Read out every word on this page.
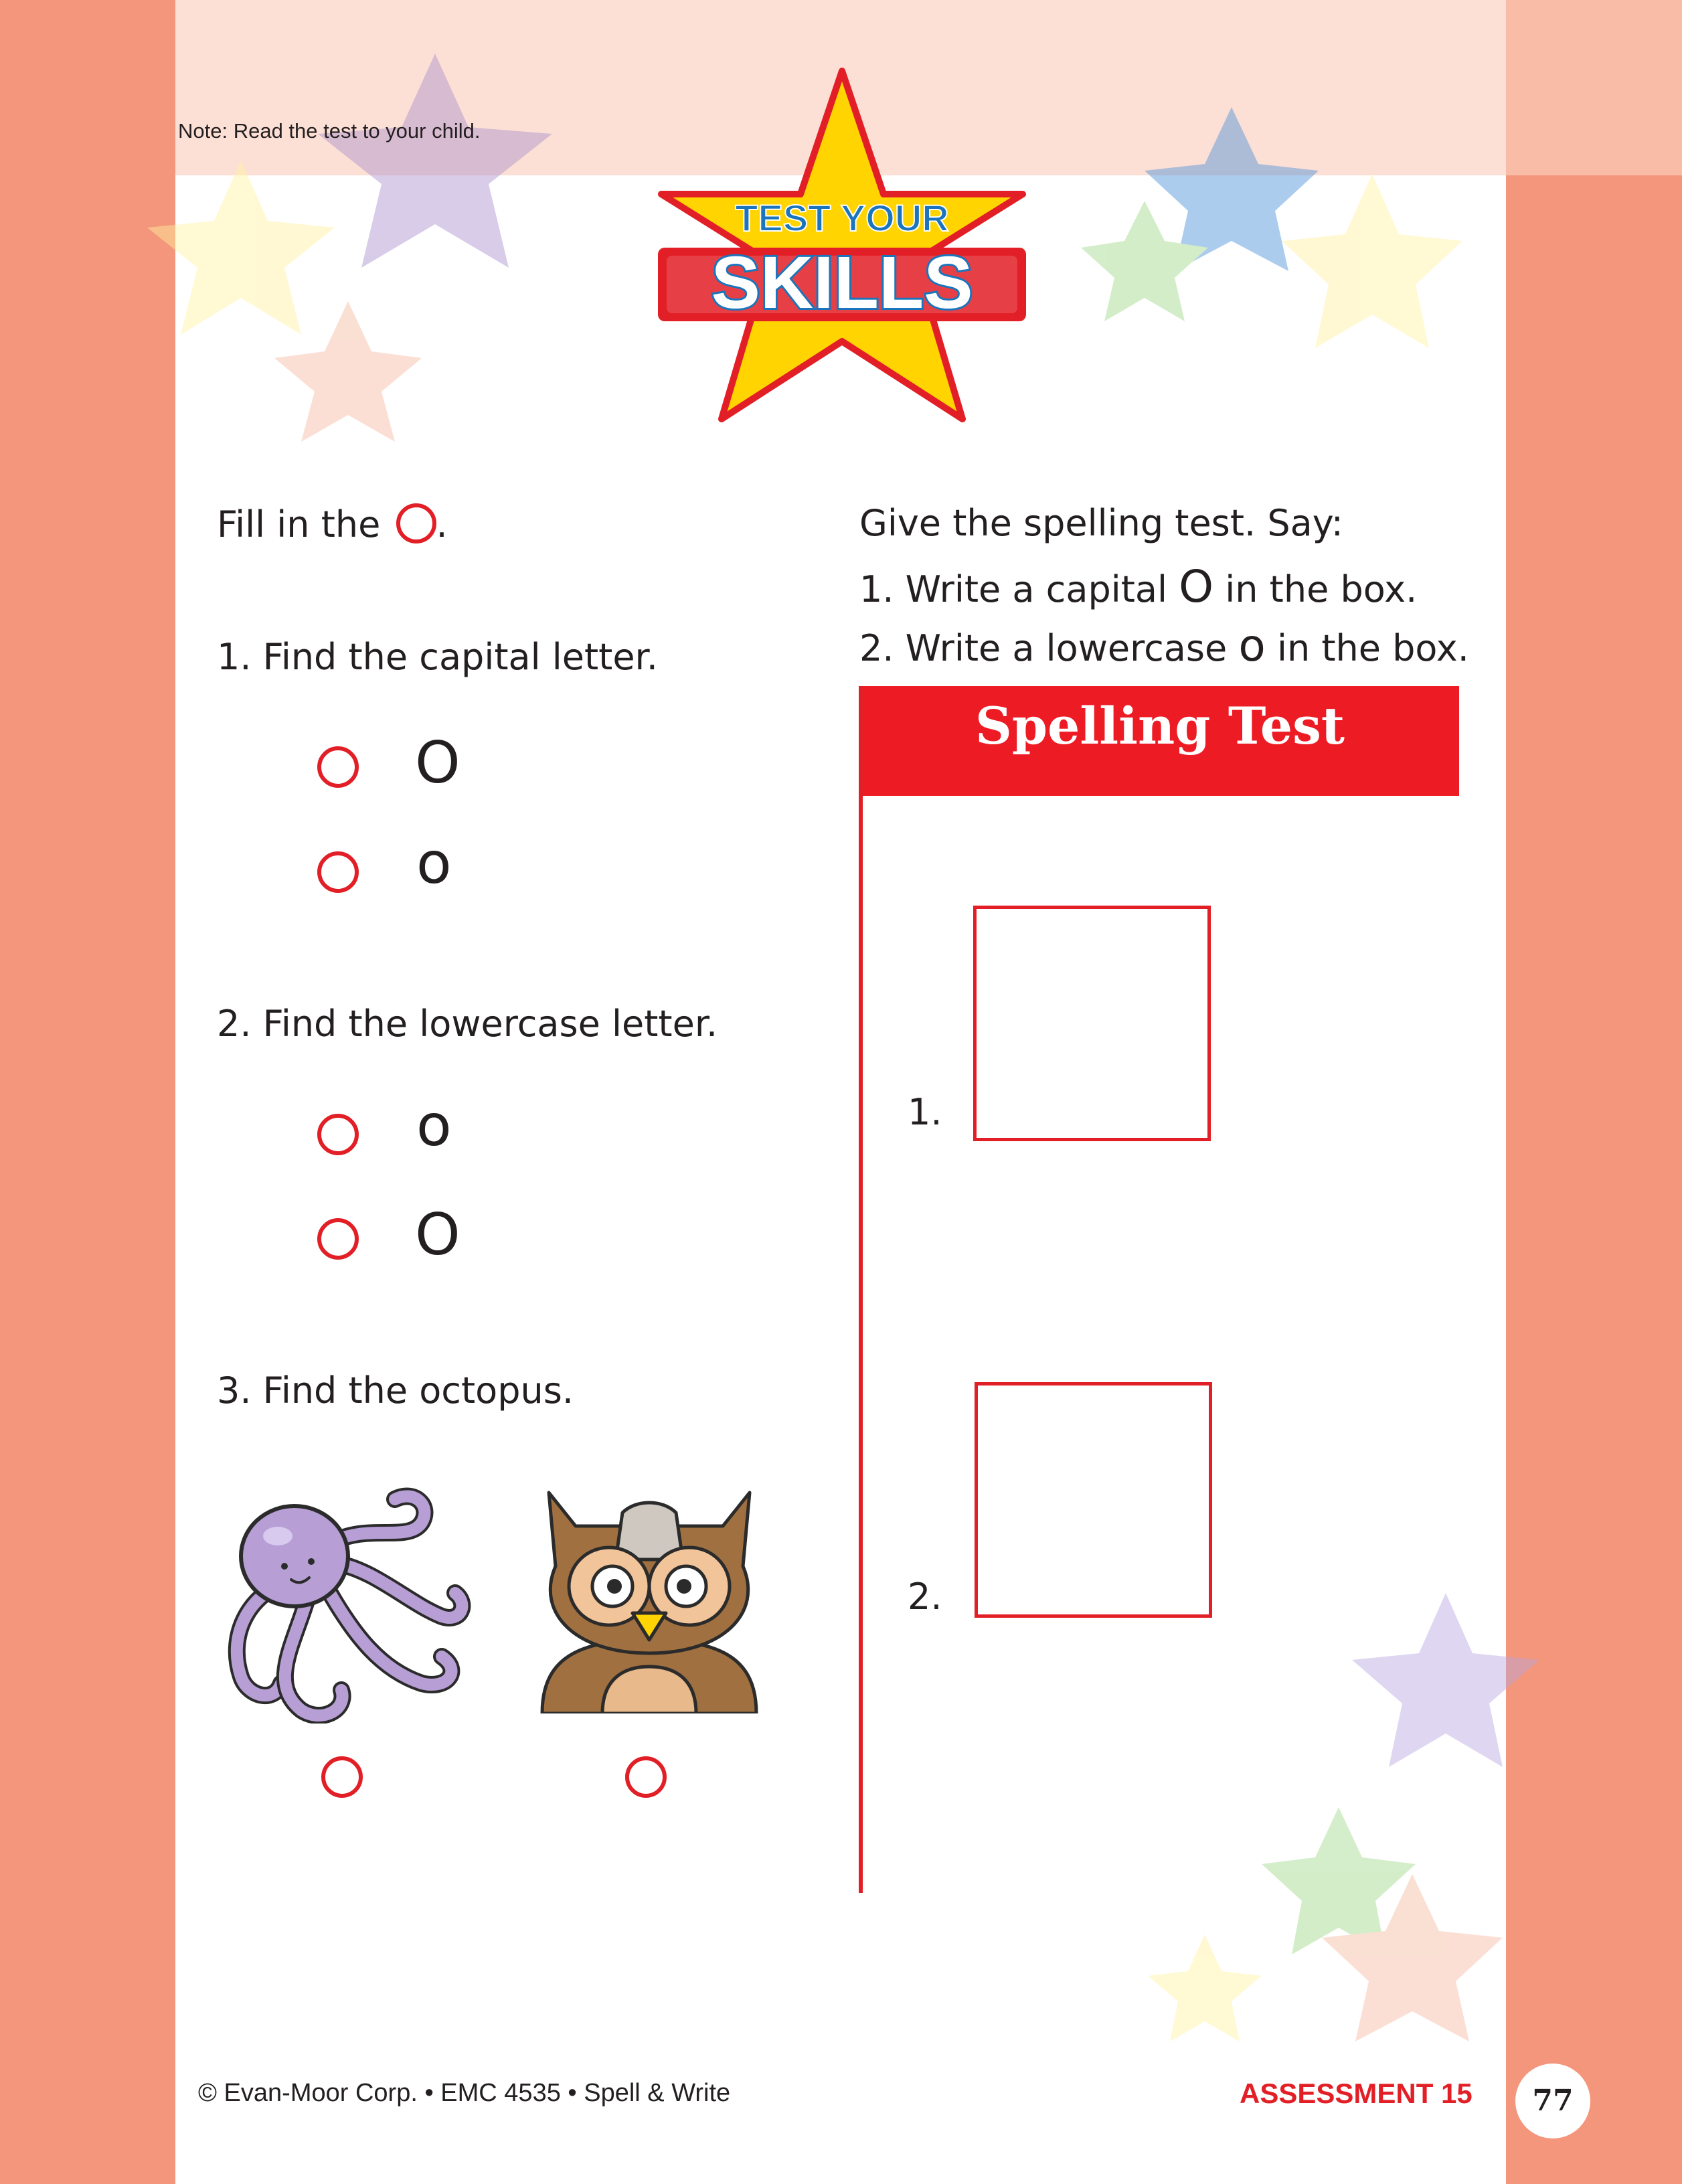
Note: Read the test to your child.
TEST YOUR
SKILLS
Fill in the .
1. Find the capital letter.
O
o
2. Find the lowercase letter.
o
O
3. Find the octopus.
Give the spelling test. Say:
1. Write a capital O in the box.
2. Write a lowercase o in the box.
Spelling Test
1.
2.
© Evan-Moor Corp. • EMC 4535 • Spell & Write	ASSESSMENT 15	77
